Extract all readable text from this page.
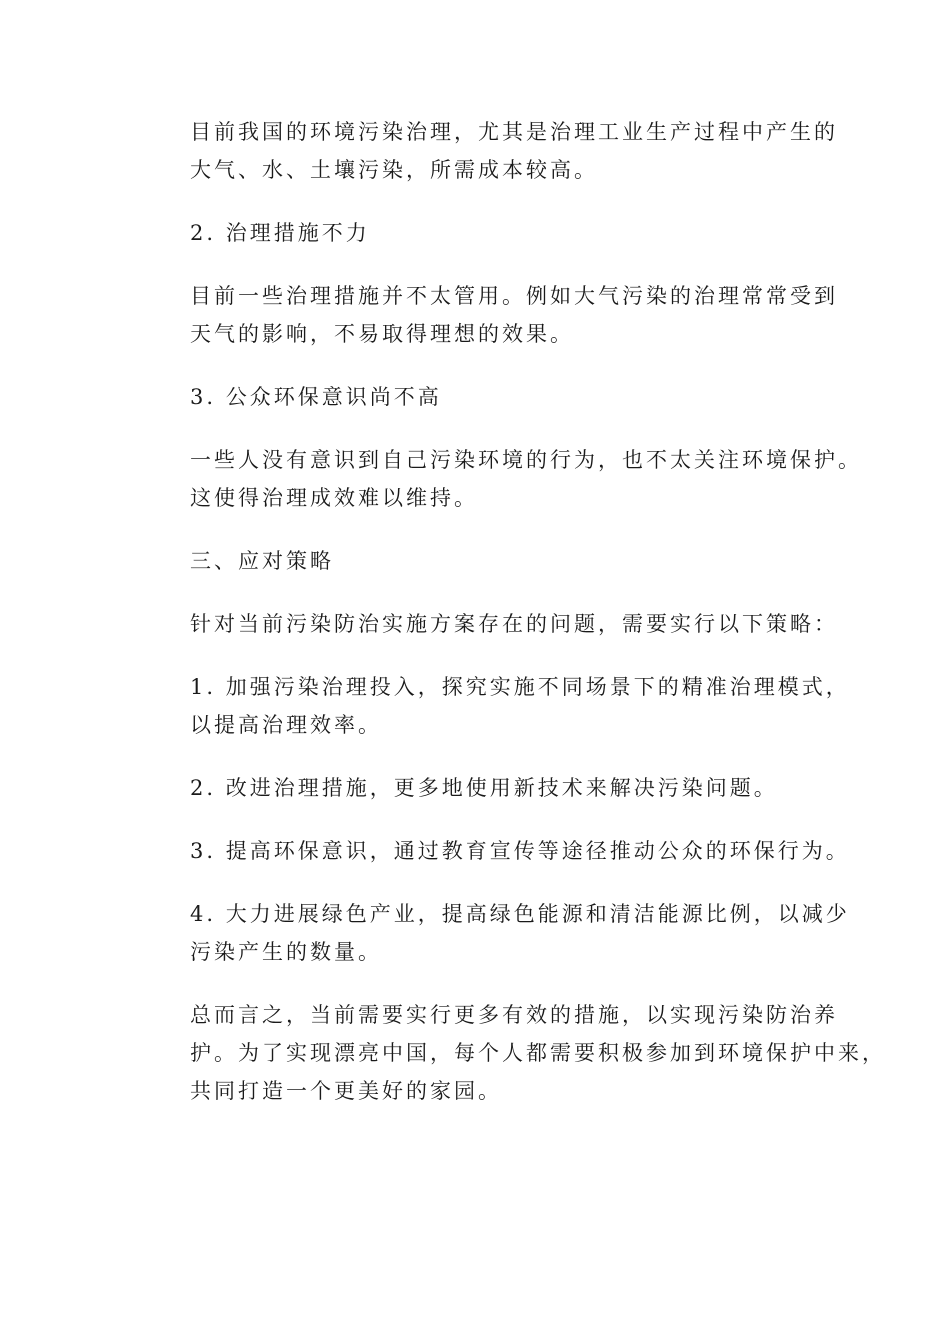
目前我国的环境污染治理，尤其是治理工业生产过程中产生的
大气、水、土壤污染，所需成本较高。
2. 治理措施不力
目前一些治理措施并不太管用。例如大气污染的治理常常受到
天气的影响，不易取得理想的效果。
3. 公众环保意识尚不高
一些人没有意识到自己污染环境的行为，也不太关注环境保护。
这使得治理成效难以维持。
三、应对策略
针对当前污染防治实施方案存在的问题，需要实行以下策略：
1. 加强污染治理投入，探究实施不同场景下的精准治理模式，
以提高治理效率。
2. 改进治理措施，更多地使用新技术来解决污染问题。
3. 提高环保意识，通过教育宣传等途径推动公众的环保行为。
4. 大力进展绿色产业，提高绿色能源和清洁能源比例，以减少
污染产生的数量。
总而言之，当前需要实行更多有效的措施，以实现污染防治养
护。为了实现漂亮中国，每个人都需要积极参加到环境保护中来，
共同打造一个更美好的家园。
